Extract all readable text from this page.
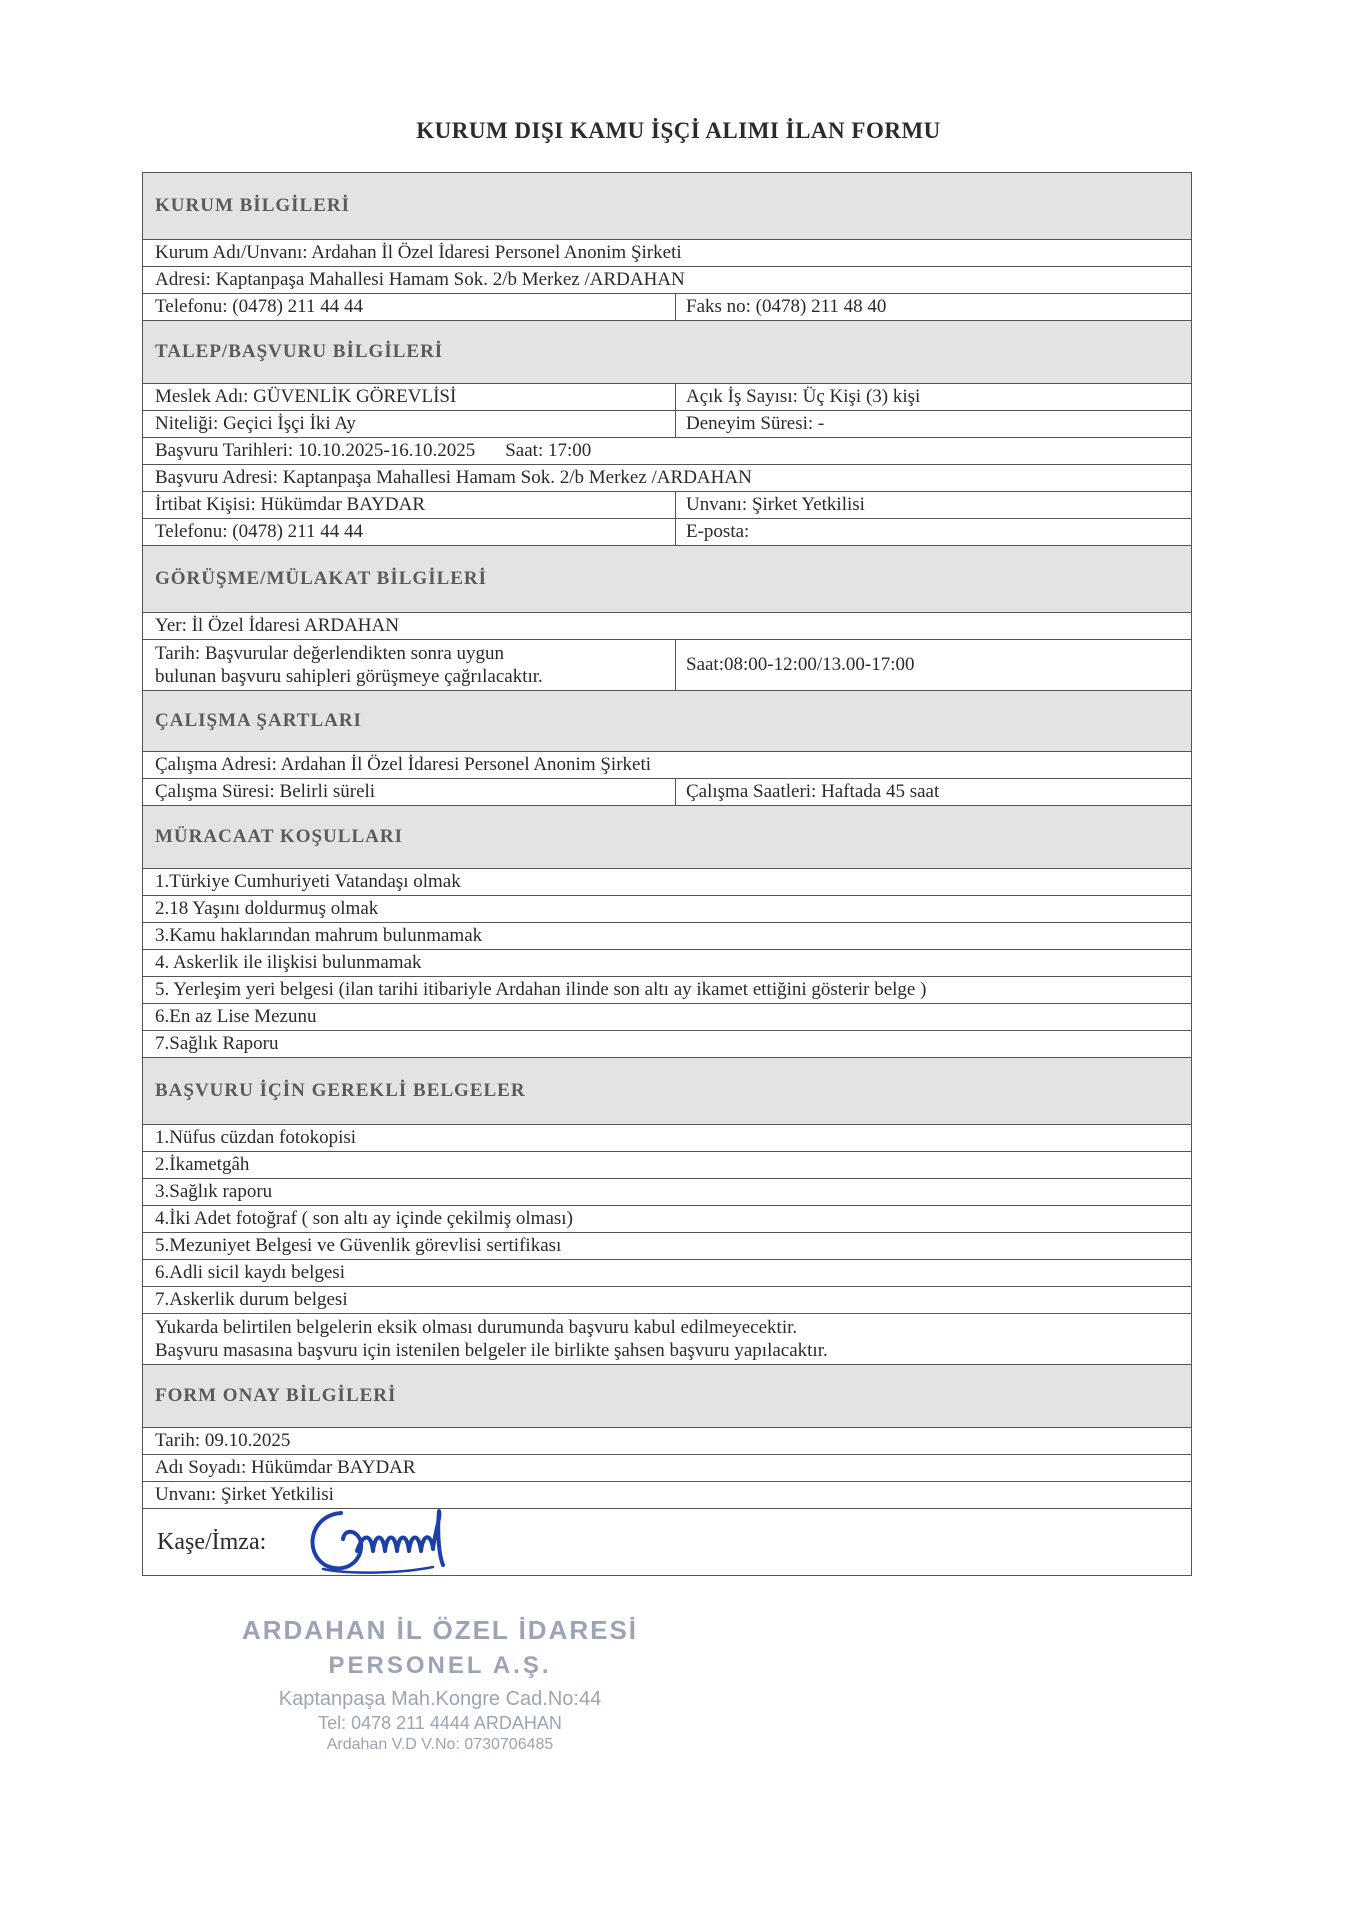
KURUM DIŞI KAMU İŞÇİ ALIMI İLAN FORMU
KURUM BİLGİLERİ
Kurum Adı/Unvanı: Ardahan İl Özel İdaresi Personel Anonim Şirketi
Adresi: Kaptanpaşa Mahallesi Hamam Sok. 2/b Merkez /ARDAHAN
Telefonu: (0478) 211 44 44	Faks no: (0478) 211 48 40
TALEP/BAŞVURU BİLGİLERİ
Meslek Adı: GÜVENLİK GÖREVLİSİ	Açık İş Sayısı: Üç Kişi (3) kişi
Niteliği: Geçici İşçi İki Ay	Deneyim Süresi: -
Başvuru Tarihleri: 10.10.2025-16.10.2025 Saat: 17:00
Başvuru Adresi: Kaptanpaşa Mahallesi Hamam Sok. 2/b Merkez /ARDAHAN
İrtibat Kişisi: Hükümdar BAYDAR	Unvanı: Şirket Yetkilisi
Telefonu: (0478) 211 44 44	E-posta:
GÖRÜŞME/MÜLAKAT BİLGİLERİ
Yer: İl Özel İdaresi ARDAHAN
Tarih: Başvurular değerlendikten sonra uygun
bulunan başvuru sahipleri görüşmeye çağrılacaktır.
Saat:08:00-12:00/13.00-17:00
ÇALIŞMA ŞARTLARI
Çalışma Adresi: Ardahan İl Özel İdaresi Personel Anonim Şirketi
Çalışma Süresi: Belirli süreli	Çalışma Saatleri: Haftada 45 saat
MÜRACAAT KOŞULLARI
1.Türkiye Cumhuriyeti Vatandaşı olmak
2.18 Yaşını doldurmuş olmak
3.Kamu haklarından mahrum bulunmamak
4. Askerlik ile ilişkisi bulunmamak
5. Yerleşim yeri belgesi (ilan tarihi itibariyle Ardahan ilinde son altı ay ikamet ettiğini gösterir belge )
6.En az Lise Mezunu
7.Sağlık Raporu
BAŞVURU İÇİN GEREKLİ BELGELER
1.Nüfus cüzdan fotokopisi
2.İkametgâh
3.Sağlık raporu
4.İki Adet fotoğraf ( son altı ay içinde çekilmiş olması)
5.Mezuniyet Belgesi ve Güvenlik görevlisi sertifikası
6.Adli sicil kaydı belgesi
7.Askerlik durum belgesi
Yukarda belirtilen belgelerin eksik olması durumunda başvuru kabul edilmeyecektir.
Başvuru masasına başvuru için istenilen belgeler ile birlikte şahsen başvuru yapılacaktır.
FORM ONAY BİLGİLERİ
Tarih: 09.10.2025
Adı Soyadı: Hükümdar BAYDAR
Unvanı: Şirket Yetkilisi
Kaşe/İmza:
ARDAHAN İL ÖZEL İDARESİ
PERSONEL A.Ş.
Kaptanpaşa Mah.Kongre Cad.No:44
Tel: 0478 211 4444 ARDAHAN
Ardahan V.D V.No: 0730706485
